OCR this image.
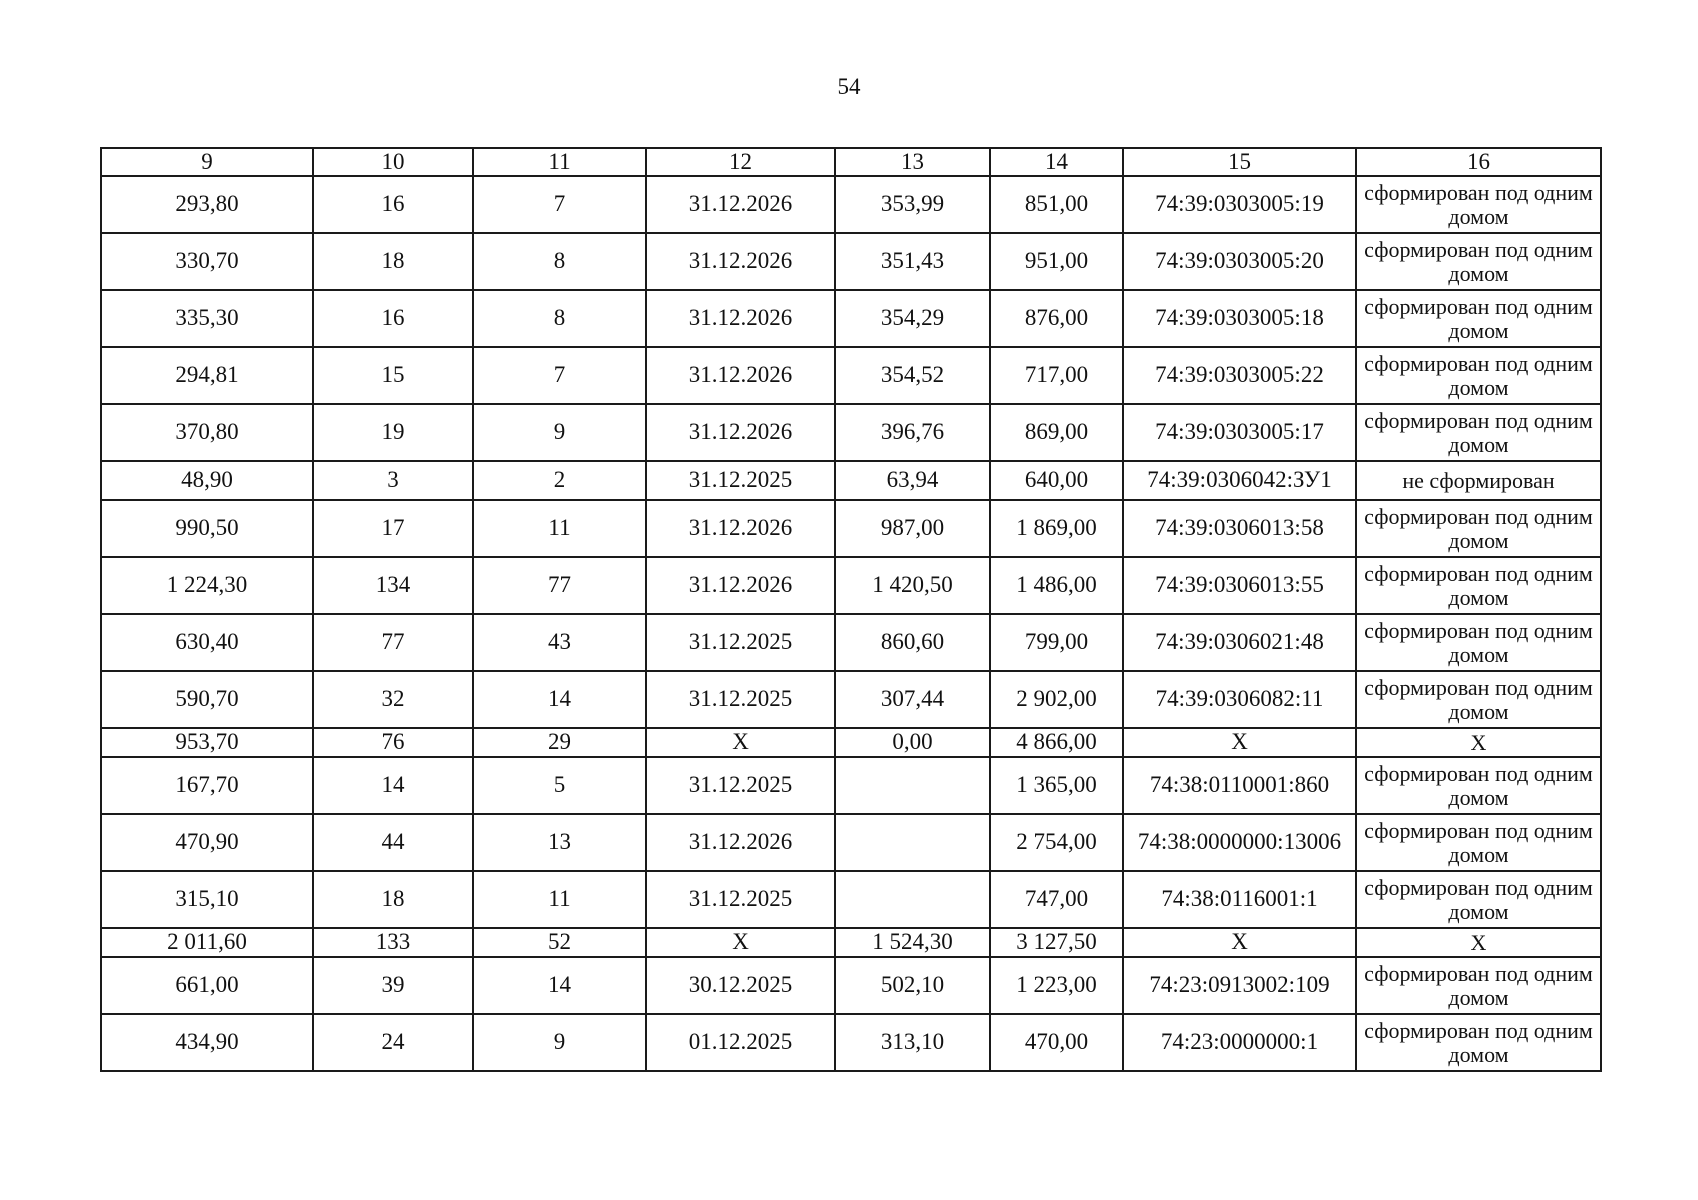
54
9	10	11	12	13	14	15	16
293,80	16	7	31.12.2026	353,99	851,00	74:39:0303005:19	сформирован под одним домом
330,70	18	8	31.12.2026	351,43	951,00	74:39:0303005:20	сформирован под одним домом
335,30	16	8	31.12.2026	354,29	876,00	74:39:0303005:18	сформирован под одним домом
294,81	15	7	31.12.2026	354,52	717,00	74:39:0303005:22	сформирован под одним домом
370,80	19	9	31.12.2026	396,76	869,00	74:39:0303005:17	сформирован под одним домом
48,90	3	2	31.12.2025	63,94	640,00	74:39:0306042:ЗУ1	не сформирован
990,50	17	11	31.12.2026	987,00	1 869,00	74:39:0306013:58	сформирован под одним домом
1 224,30	134	77	31.12.2026	1 420,50	1 486,00	74:39:0306013:55	сформирован под одним домом
630,40	77	43	31.12.2025	860,60	799,00	74:39:0306021:48	сформирован под одним домом
590,70	32	14	31.12.2025	307,44	2 902,00	74:39:0306082:11	сформирован под одним домом
953,70	76	29	Х	0,00	4 866,00	Х	Х
167,70	14	5	31.12.2025		1 365,00	74:38:0110001:860	сформирован под одним домом
470,90	44	13	31.12.2026		2 754,00	74:38:0000000:13006	сформирован под одним домом
315,10	18	11	31.12.2025		747,00	74:38:0116001:1	сформирован под одним домом
2 011,60	133	52	Х	1 524,30	3 127,50	Х	Х
661,00	39	14	30.12.2025	502,10	1 223,00	74:23:0913002:109	сформирован под одним домом
434,90	24	9	01.12.2025	313,10	470,00	74:23:0000000:1	сформирован под одним домом
